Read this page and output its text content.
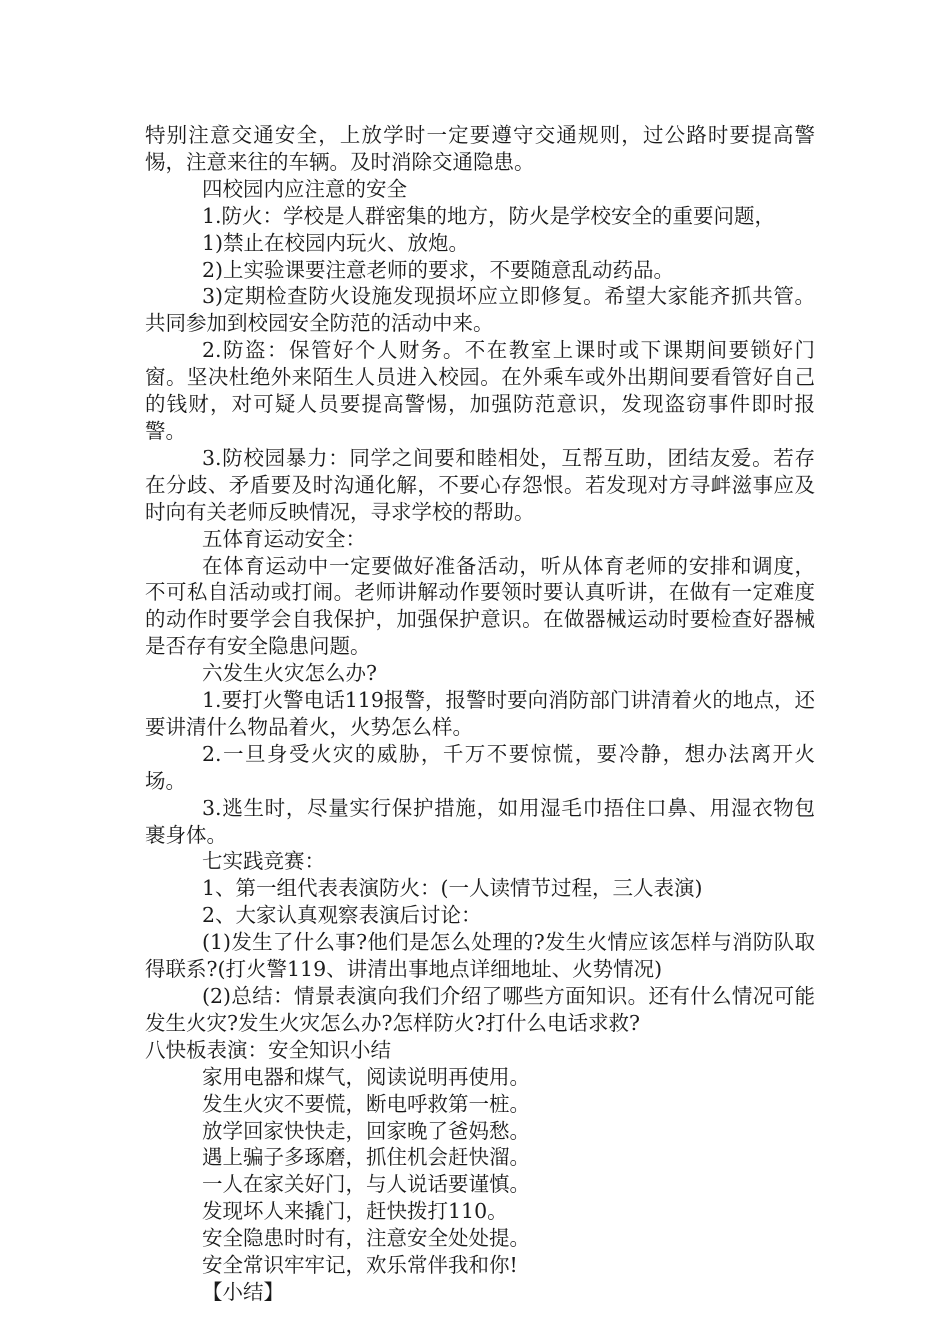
特别注意交通安全，上放学时一定要遵守交通规则，过公路时要提高警惕，注意来往的车辆。及时消除交通隐患。

四校园内应注意的安全

1.防火：学校是人群密集的地方，防火是学校安全的重要问题，

1)禁止在校园内玩火、放炮。

2)上实验课要注意老师的要求，不要随意乱动药品。

3)定期检查防火设施发现损坏应立即修复。希望大家能齐抓共管。共同参加到校园安全防范的活动中来。

2.防盗：保管好个人财务。不在教室上课时或下课期间要锁好门窗。坚决杜绝外来陌生人员进入校园。在外乘车或外出期间要看管好自己的钱财，对可疑人员要提高警惕，加强防范意识，发现盗窃事件即时报警。

3.防校园暴力：同学之间要和睦相处，互帮互助，团结友爱。若存在分歧、矛盾要及时沟通化解，不要心存怨恨。若发现对方寻衅滋事应及时向有关老师反映情况，寻求学校的帮助。

五体育运动安全：

在体育运动中一定要做好准备活动，听从体育老师的安排和调度，不可私自活动或打闹。老师讲解动作要领时要认真听讲，在做有一定难度的动作时要学会自我保护，加强保护意识。在做器械运动时要检查好器械是否存有安全隐患问题。

六发生火灾怎么办?

1.要打火警电话119报警，报警时要向消防部门讲清着火的地点，还要讲清什么物品着火，火势怎么样。

2.一旦身受火灾的威胁，千万不要惊慌，要冷静，想办法离开火场。

3.逃生时，尽量实行保护措施，如用湿毛巾捂住口鼻、用湿衣物包裹身体。

七实践竞赛：

1、第一组代表表演防火：(一人读情节过程，三人表演)

2、大家认真观察表演后讨论：

(1)发生了什么事?他们是怎么处理的?发生火情应该怎样与消防队取得联系?(打火警119、讲清出事地点详细地址、火势情况)

(2)总结：情景表演向我们介绍了哪些方面知识。还有什么情况可能发生火灾?发生火灾怎么办?怎样防火?打什么电话求救?

八快板表演：安全知识小结

家用电器和煤气，阅读说明再使用。

发生火灾不要慌，断电呼救第一桩。

放学回家快快走，回家晚了爸妈愁。

遇上骗子多琢磨，抓住机会赶快溜。

一人在家关好门，与人说话要谨慎。

发现坏人来撬门，赶快拨打110。

安全隐患时时有，注意安全处处提。

安全常识牢牢记，欢乐常伴我和你!

【小结】
